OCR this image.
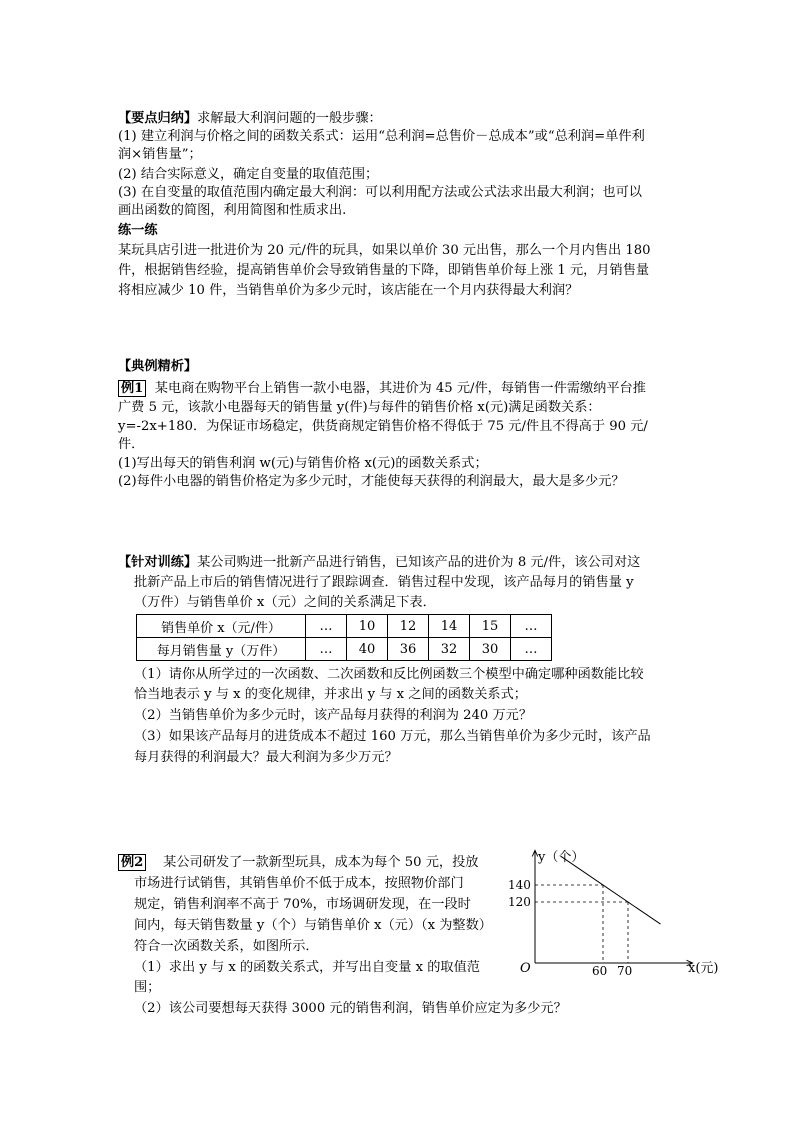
【要点归纳】求解最大利润问题的一般步骤：
(1) 建立利润与价格之间的函数关系式：运用“总利润=总售价－总成本”或“总利润=单件利
润×销售量”；
(2) 结合实际意义，确定自变量的取值范围；
(3) 在自变量的取值范围内确定最大利润：可以利用配方法或公式法求出最大利润；也可以
画出函数的简图，利用简图和性质求出.
练一练
某玩具店引进一批进价为 20 元/件的玩具，如果以单价 30 元出售，那么一个月内售出 180
件，根据销售经验，提高销售单价会导致销售量的下降，即销售单价每上涨 1 元，月销售量
将相应减少 10 件，当销售单价为多少元时，该店能在一个月内获得最大利润？
【典例精析】
例1 某电商在购物平台上销售一款小电器，其进价为 45 元/件，每销售一件需缴纳平台推
广费 5 元，该款小电器每天的销售量 y(件)与每件的销售价格 x(元)满足函数关系：
y=-2x+180．为保证市场稳定，供货商规定销售价格不得低于 75 元/件且不得高于 90 元/
件．
(1)写出每天的销售利润 w(元)与销售价格 x(元)的函数关系式；
(2)每件小电器的销售价格定为多少元时，才能使每天获得的利润最大，最大是多少元？
【针对训练】某公司购进一批新产品进行销售，已知该产品的进价为 8 元/件，该公司对这
批新产品上市后的销售情况进行了跟踪调查．销售过程中发现，该产品每月的销售量 y
（万件）与销售单价 x（元）之间的关系满足下表．
销售单价 x（元/件）	…	10	12	14	15	…
每月销售量 y（万件）	…	40	36	32	30	…
（1）请你从所学过的一次函数、二次函数和反比例函数三个模型中确定哪种函数能比较
恰当地表示 y 与 x 的变化规律，并求出 y 与 x 之间的函数关系式；
（2）当销售单价为多少元时，该产品每月获得的利润为 240 万元？
（3）如果该产品每月的进货成本不超过 160 万元，那么当销售单价为多少元时，该产品
每月获得的利润最大？最大利润为多少万元？
例2 某公司研发了一款新型玩具，成本为每个 50 元，投放
市场进行试销售，其销售单价不低于成本，按照物价部门
规定，销售利润率不高于 70%，市场调研发现，在一段时
间内，每天销售数量 y（个）与销售单价 x（元）（x 为整数）
符合一次函数关系，如图所示．
（1）求出 y 与 x 的函数关系式，并写出自变量 x 的取值范
围；
（2）该公司要想每天获得 3000 元的销售利润，销售单价应定为多少元？
y（个）
x(元)
O
140
120
60 70
